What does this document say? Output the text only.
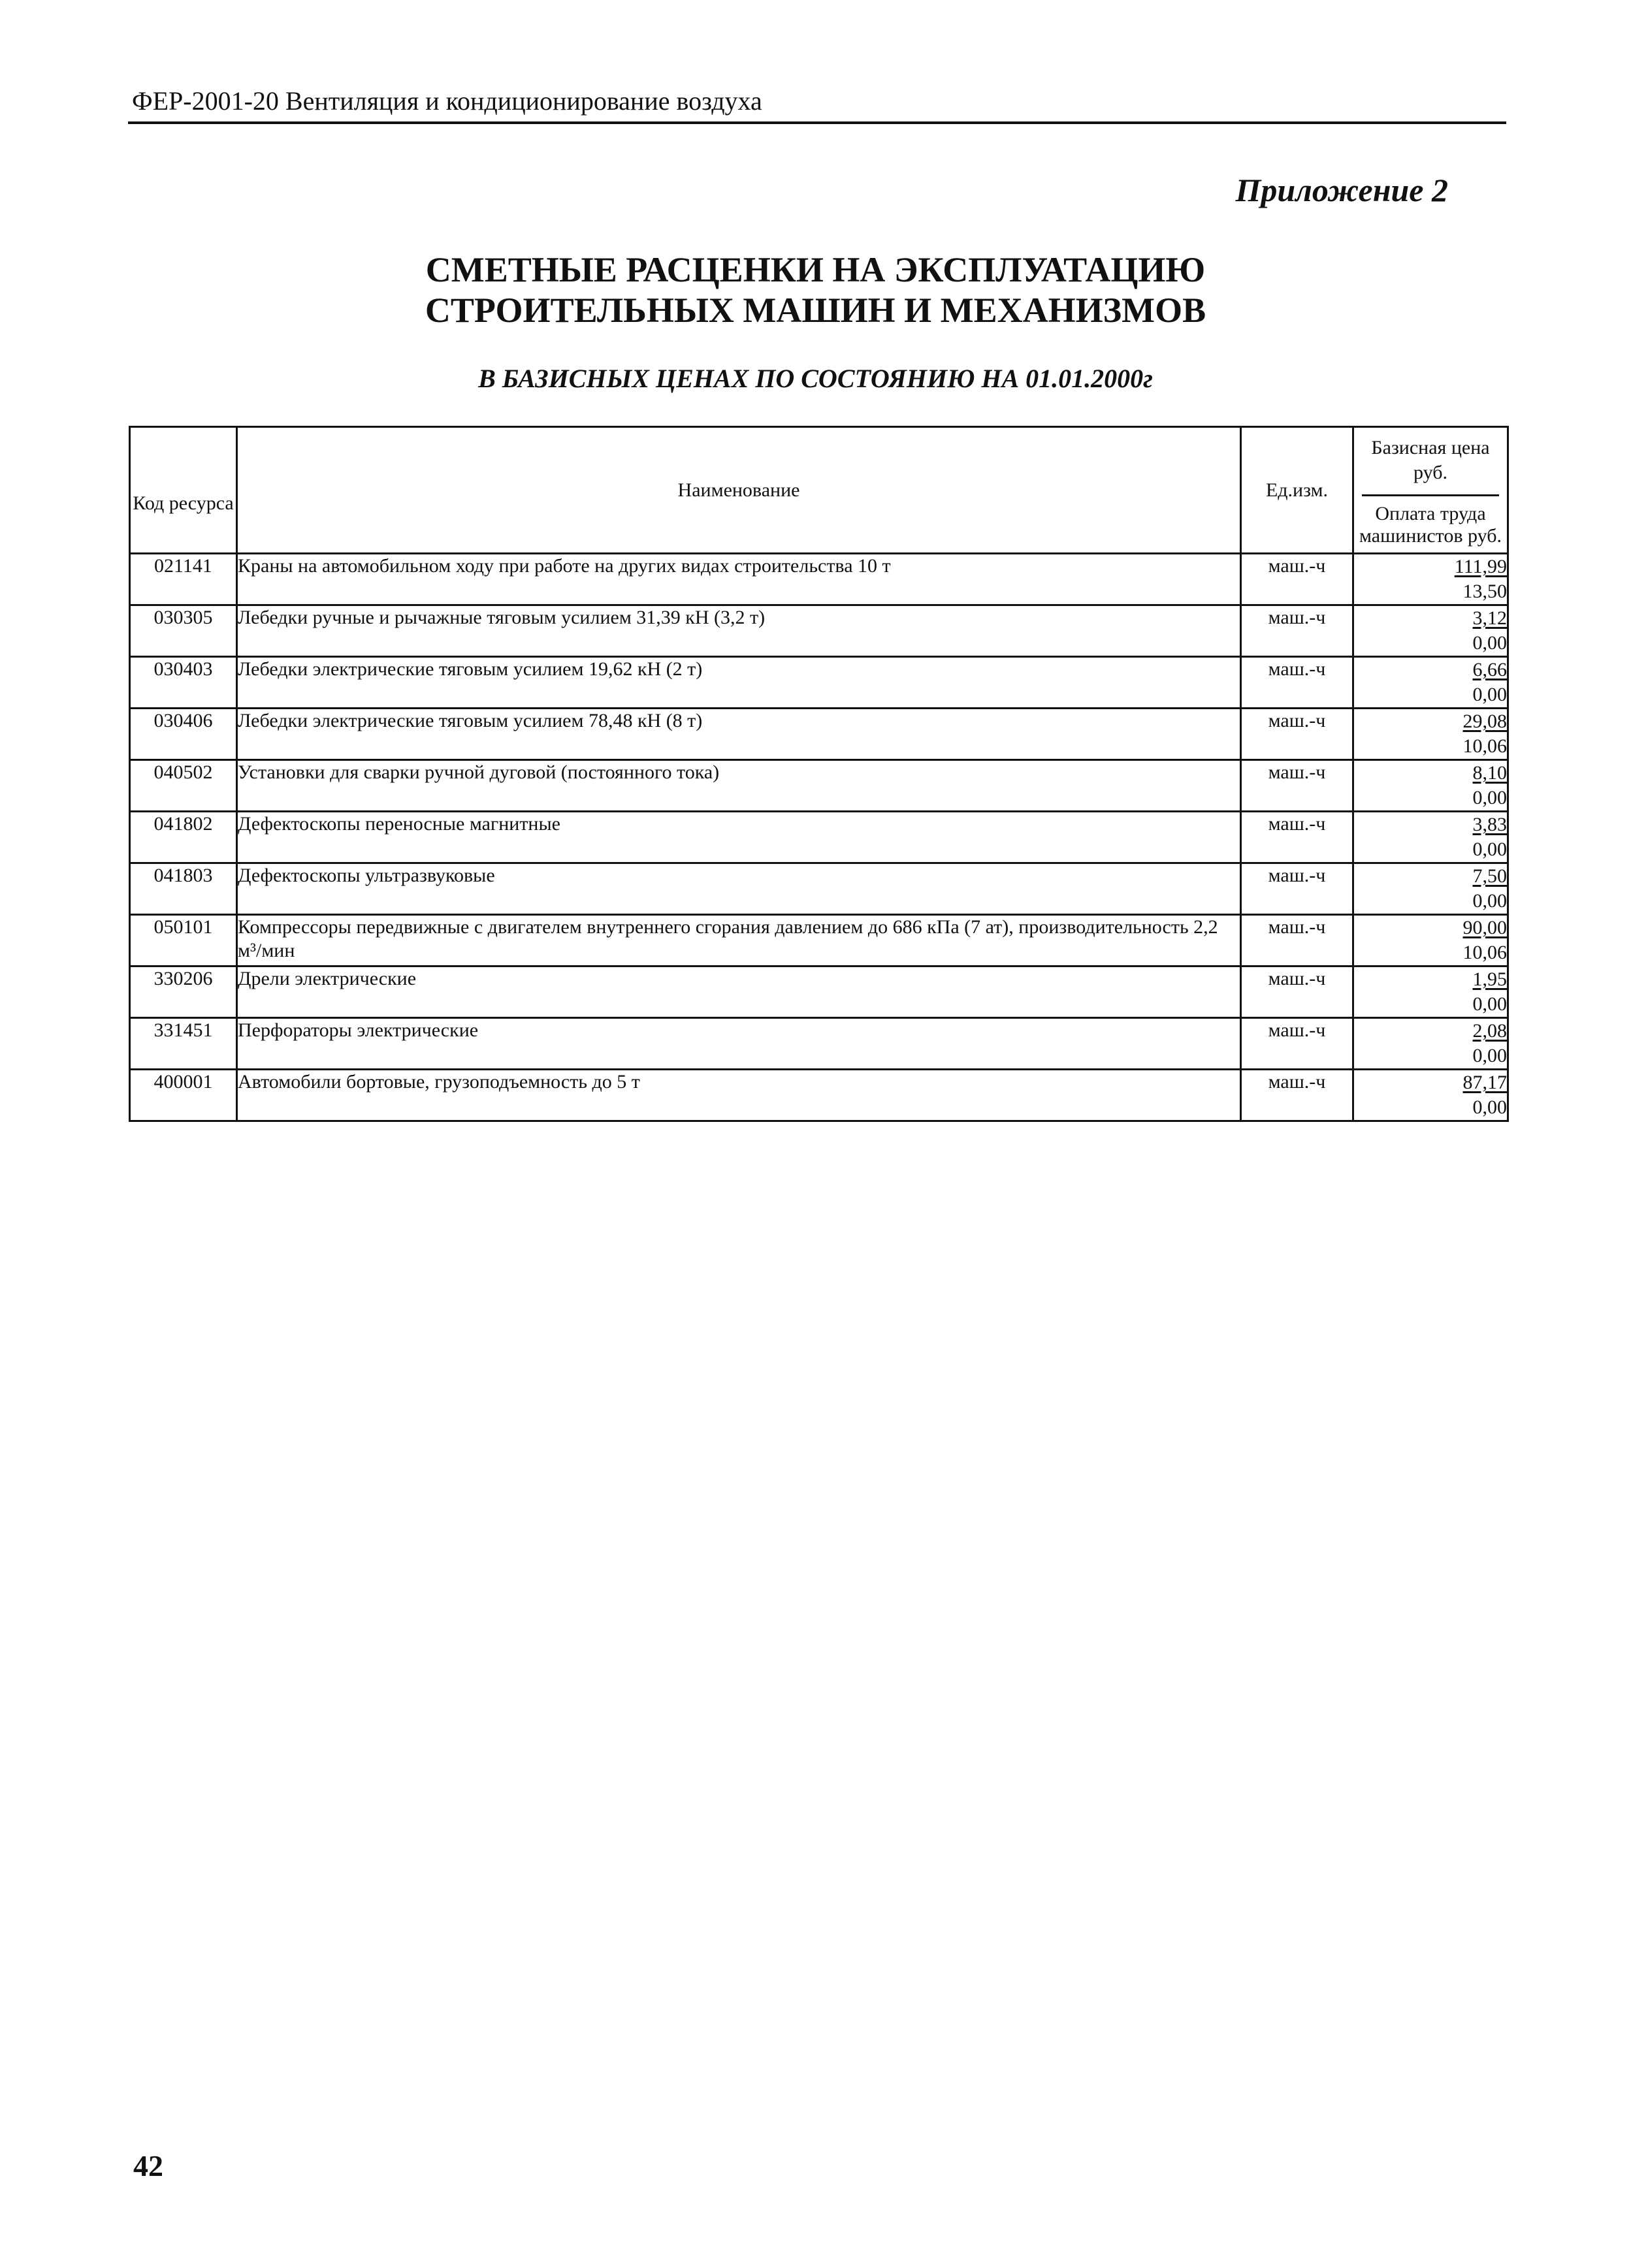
ФЕР-2001-20 Вентиляция и кондиционирование воздуха
Приложение 2
СМЕТНЫЕ РАСЦЕНКИ НА ЭКСПЛУАТАЦИЮ
СТРОИТЕЛЬНЫХ МАШИН И МЕХАНИЗМОВ
В БАЗИСНЫХ ЦЕНАХ ПО СОСТОЯНИЮ НА 01.01.2000г
Код ресурса	Наименование	Ед.изм.	Базисная цена руб.
Оплата труда машинистов руб.

021141	Краны на автомобильном ходу при работе на других видах строительства 10 т	маш.-ч	111,99
13,50

030305	Лебедки ручные и рычажные тяговым усилием 31,39 кН (3,2 т)	маш.-ч	3,12
0,00

030403	Лебедки электрические тяговым усилием 19,62 кН (2 т)	маш.-ч	6,66
0,00

030406	Лебедки электрические тяговым усилием 78,48 кН (8 т)	маш.-ч	29,08
10,06

040502	Установки для сварки ручной дуговой (постоянного тока)	маш.-ч	8,10
0,00

041802	Дефектоскопы переносные магнитные	маш.-ч	3,83
0,00

041803	Дефектоскопы ультразвуковые	маш.-ч	7,50
0,00

050101	Компрессоры передвижные с двигателем внутреннего сгорания давлением до 686 кПа (7 ат), производительность 2,2 м³/мин	маш.-ч	90,00
10,06

330206	Дрели электрические	маш.-ч	1,95
0,00

331451	Перфораторы электрические	маш.-ч	2,08
0,00

400001	Автомобили бортовые, грузоподъемность до 5 т	маш.-ч	87,17
0,00
42
